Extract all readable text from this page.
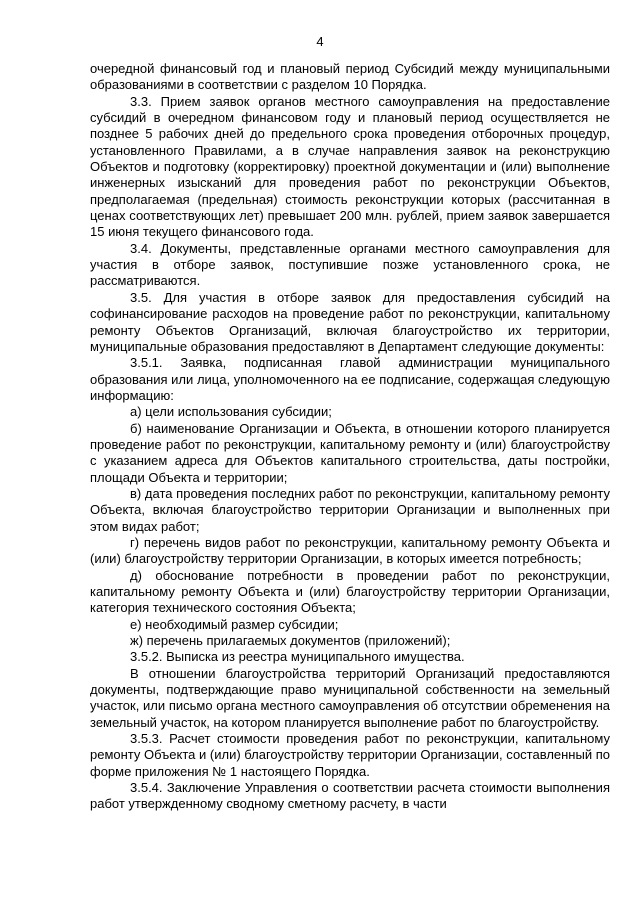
4

очередной финансовый год и плановый период Субсидий между муниципальными образованиями в соответствии с разделом 10 Порядка.

3.3. Прием заявок органов местного самоуправления на предоставление субсидий в очередном финансовом году и плановый период осуществляется не позднее 5 рабочих дней до предельного срока проведения отборочных процедур, установленного Правилами, а в случае направления заявок на реконструкцию Объектов и подготовку (корректировку) проектной документации и (или) выполнение инженерных изысканий для проведения работ по реконструкции Объектов, предполагаемая (предельная) стоимость реконструкции которых (рассчитанная в ценах соответствующих лет) превышает 200 млн. рублей, прием заявок завершается 15 июня текущего финансового года.

3.4. Документы, представленные органами местного самоуправления для участия в отборе заявок, поступившие позже установленного срока, не рассматриваются.

3.5. Для участия в отборе заявок для предоставления субсидий на софинансирование расходов на проведение работ по реконструкции, капитальному ремонту Объектов Организаций, включая благоустройство их территории, муниципальные образования предоставляют в Департамент следующие документы:

3.5.1. Заявка, подписанная главой администрации муниципального образования или лица, уполномоченного на ее подписание, содержащая следующую информацию:

а) цели использования субсидии;

б) наименование Организации и Объекта, в отношении которого планируется проведение работ по реконструкции, капитальному ремонту и (или) благоустройству с указанием адреса для Объектов капитального строительства, даты постройки, площади Объекта и территории;

в) дата проведения последних работ по реконструкции, капитальному ремонту Объекта, включая благоустройство территории Организации и выполненных при этом видах работ;

г) перечень видов работ по реконструкции, капитальному ремонту Объекта и (или) благоустройству территории Организации, в которых имеется потребность;

д) обоснование потребности в проведении работ по реконструкции, капитальному ремонту Объекта и (или) благоустройству территории Организации, категория технического состояния Объекта;

е) необходимый размер субсидии;

ж) перечень прилагаемых документов (приложений);

3.5.2. Выписка из реестра муниципального имущества.

В отношении благоустройства территорий Организаций предоставляются документы, подтверждающие право муниципальной собственности на земельный участок, или письмо органа местного самоуправления об отсутствии обременения на земельный участок, на котором планируется выполнение работ по благоустройству.

3.5.3. Расчет стоимости проведения работ по реконструкции, капитальному ремонту Объекта и (или) благоустройству территории Организации, составленный по форме приложения № 1 настоящего Порядка.

3.5.4. Заключение Управления о соответствии расчета стоимости выполнения работ утвержденному сводному сметному расчету, в части
